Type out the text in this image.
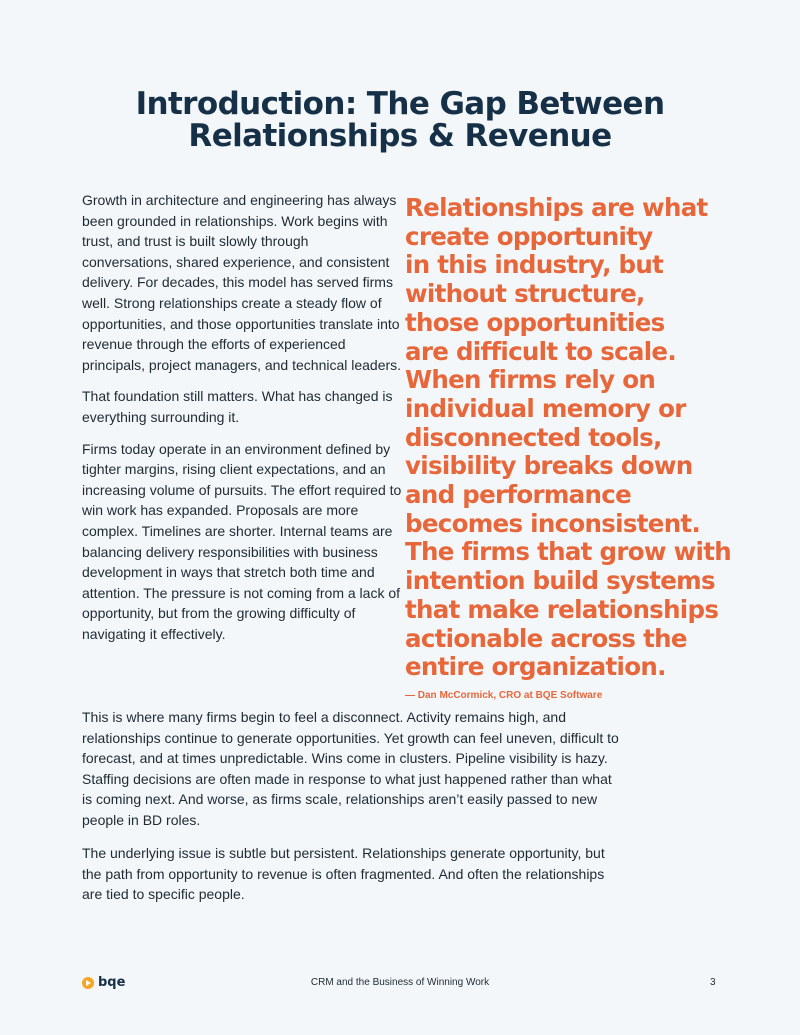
Introduction: The Gap Between
Relationships & Revenue

Growth in architecture and engineering has always been grounded in relationships. Work begins with trust, and trust is built slowly through conversations, shared experience, and consistent delivery. For decades, this model has served firms well. Strong relationships create a steady flow of opportunities, and those opportunities translate into revenue through the efforts of experienced principals, project managers, and technical leaders.

That foundation still matters. What has changed is everything surrounding it.

Firms today operate in an environment defined by tighter margins, rising client expectations, and an increasing volume of pursuits. The effort required to win work has expanded. Proposals are more complex. Timelines are shorter. Internal teams are balancing delivery responsibilities with business development in ways that stretch both time and attention. The pressure is not coming from a lack of opportunity, but from the growing difficulty of navigating it effectively.

Relationships are what
create opportunity
in this industry, but
without structure,
those opportunities
are difficult to scale.
When firms rely on
individual memory or
disconnected tools,
visibility breaks down
and performance
becomes inconsistent.
The firms that grow with
intention build systems
that make relationships
actionable across the
entire organization.
— Dan McCormick, CRO at BQE Software

This is where many firms begin to feel a disconnect. Activity remains high, and relationships continue to generate opportunities. Yet growth can feel uneven, difficult to forecast, and at times unpredictable. Wins come in clusters. Pipeline visibility is hazy. Staffing decisions are often made in response to what just happened rather than what is coming next. And worse, as firms scale, relationships aren’t easily passed to new people in BD roles.

The underlying issue is subtle but persistent. Relationships generate opportunity, but the path from opportunity to revenue is often fragmented. And often the relationships are tied to specific people.

bqe	CRM and the Business of Winning Work	3
